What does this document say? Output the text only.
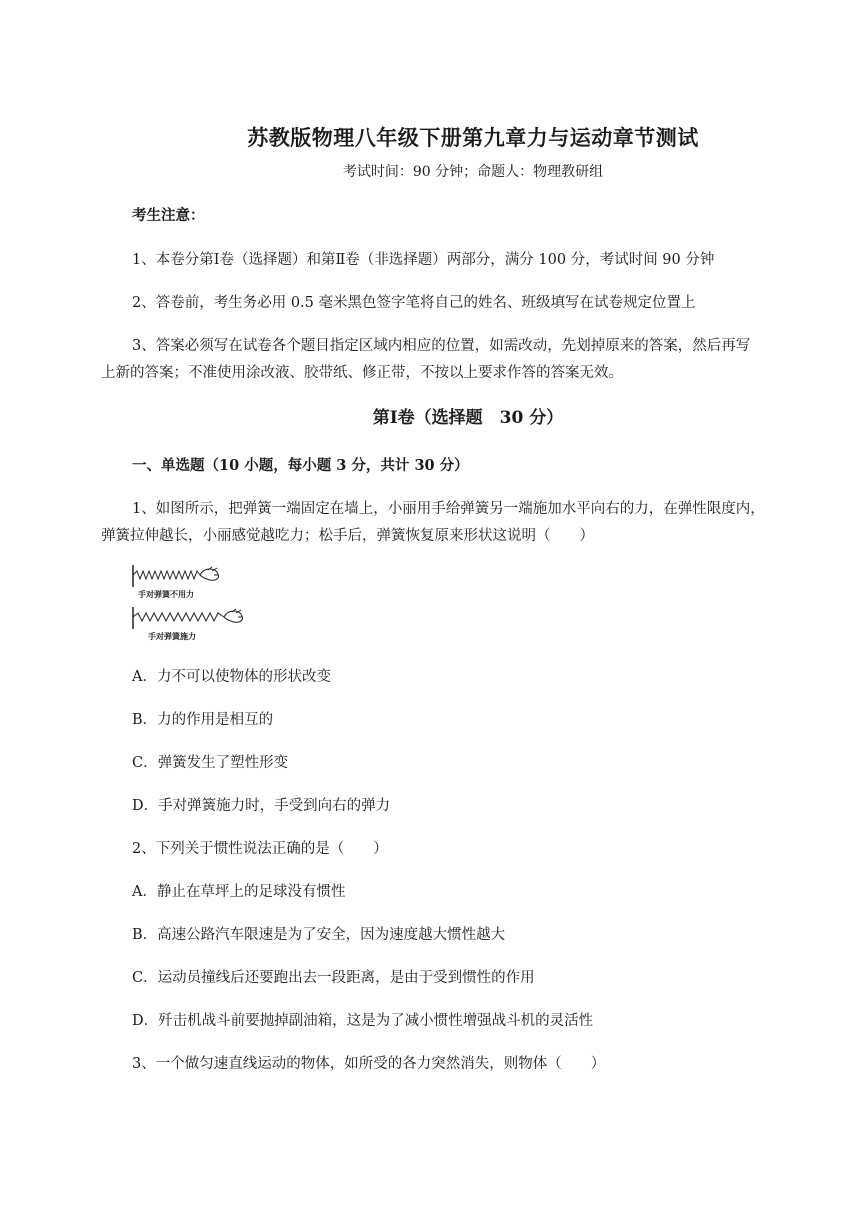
苏教版物理八年级下册第九章力与运动章节测试
考试时间：90 分钟；命题人：物理教研组
考生注意：
1、本卷分第Ⅰ卷（选择题）和第Ⅱ卷（非选择题）两部分，满分 100 分，考试时间 90 分钟
2、答卷前，考生务必用 0.5 毫米黑色签字笔将自己的姓名、班级填写在试卷规定位置上
3、答案必须写在试卷各个题目指定区域内相应的位置，如需改动，先划掉原来的答案，然后再写
上新的答案；不准使用涂改液、胶带纸、修正带，不按以上要求作答的答案无效。
第Ⅰ卷（选择题　30 分）
一、单选题（10 小题，每小题 3 分，共计 30 分）
1、如图所示，把弹簧一端固定在墙上，小丽用手给弹簧另一端施加水平向右的力，在弹性限度内，
弹簧拉伸越长，小丽感觉越吃力；松手后，弹簧恢复原来形状这说明（　　）
手对弹簧不用力
手对弹簧施力
A．力不可以使物体的形状改变
B．力的作用是相互的
C．弹簧发生了塑性形变
D．手对弹簧施力时，手受到向右的弹力
2、下列关于惯性说法正确的是（　　）
A．静止在草坪上的足球没有惯性
B．高速公路汽车限速是为了安全，因为速度越大惯性越大
C．运动员撞线后还要跑出去一段距离，是由于受到惯性的作用
D．歼击机战斗前要抛掉副油箱，这是为了减小惯性增强战斗机的灵活性
3、一个做匀速直线运动的物体，如所受的各力突然消失，则物体（　　）
